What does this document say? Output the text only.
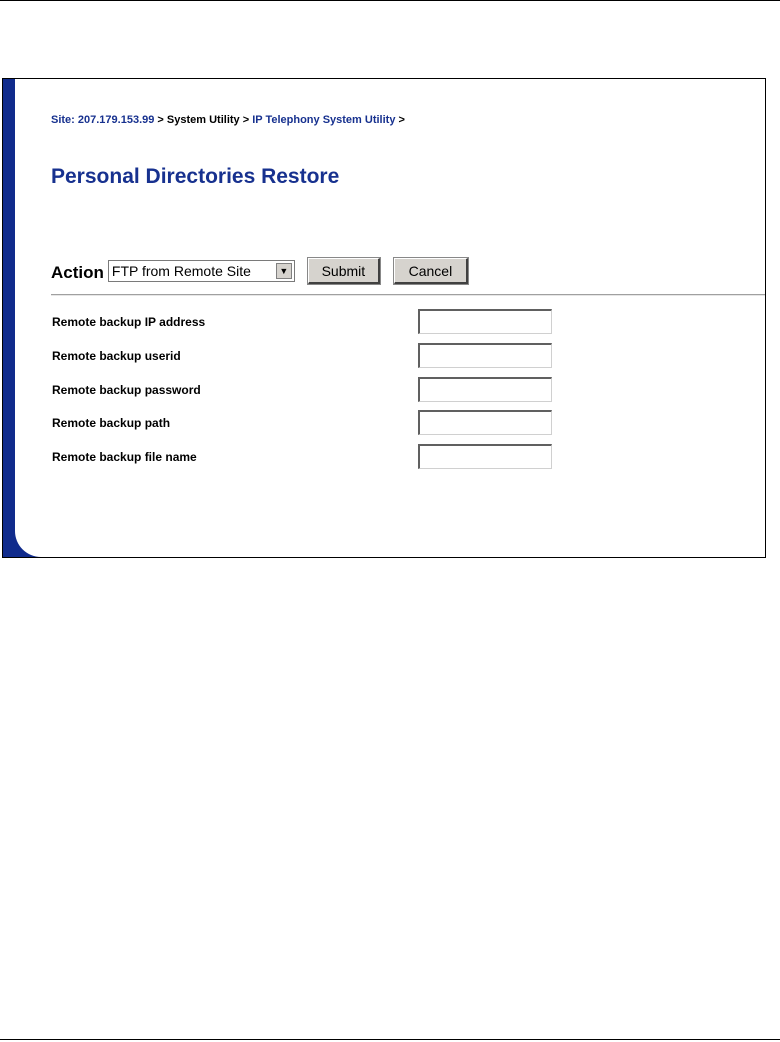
Site: 207.179.153.99 > System Utility > IP Telephony System Utility >
Personal Directories Restore
Action FTP from Remote Site	▼	Submit	Cancel
Remote backup IP address
Remote backup userid
Remote backup password
Remote backup path
Remote backup file name
